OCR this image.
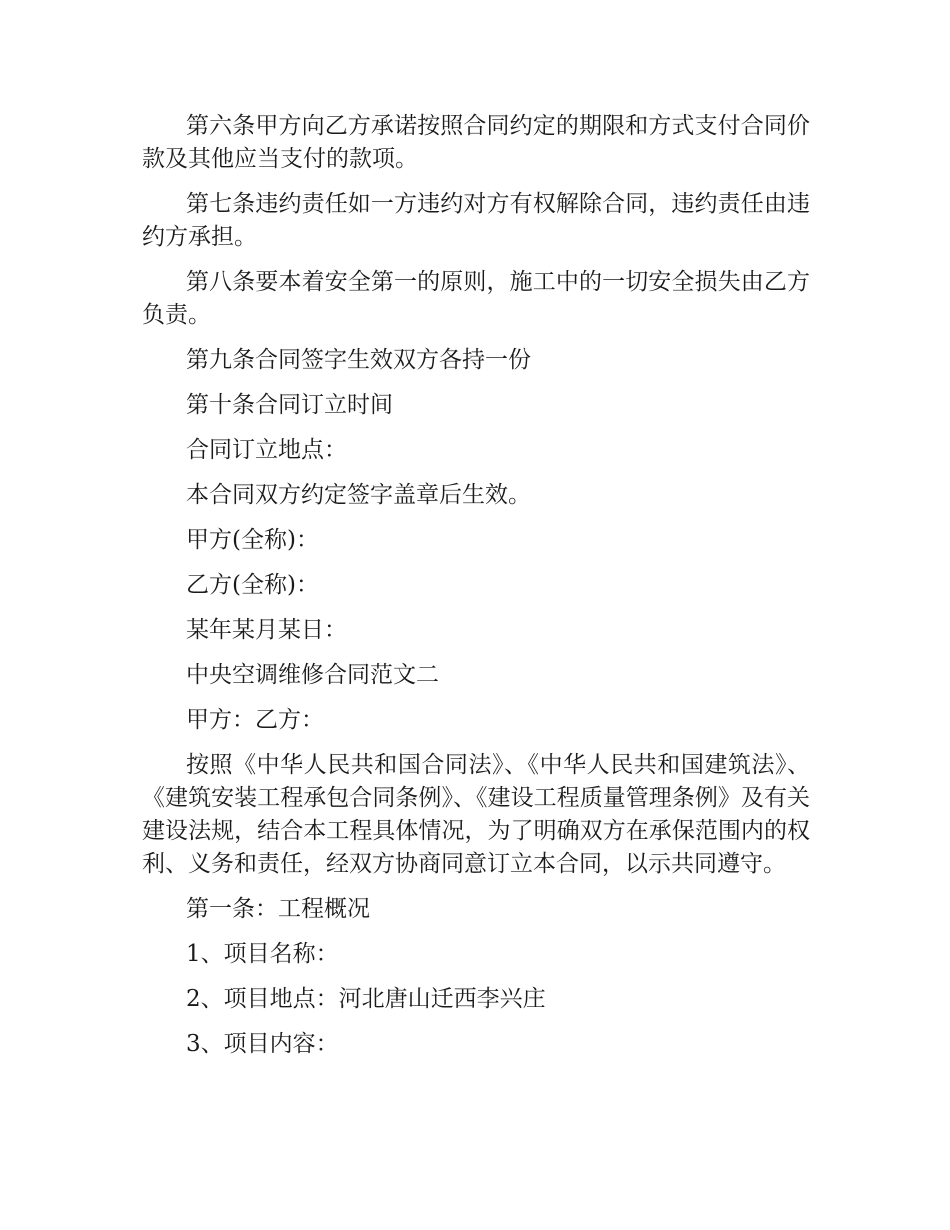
第六条甲方向乙方承诺按照合同约定的期限和方式支付合同价款及其他应当支付的款项。

第七条违约责任如一方违约对方有权解除合同，违约责任由违约方承担。

第八条要本着安全第一的原则，施工中的一切安全损失由乙方负责。

第九条合同签字生效双方各持一份

第十条合同订立时间

合同订立地点：

本合同双方约定签字盖章后生效。

甲方(全称)：

乙方(全称)：

某年某月某日：

中央空调维修合同范文二

甲方：乙方：

按照《中华人民共和国合同法》、《中华人民共和国建筑法》、《建筑安装工程承包合同条例》、《建设工程质量管理条例》及有关建设法规，结合本工程具体情况，为了明确双方在承保范围内的权利、义务和责任，经双方协商同意订立本合同，以示共同遵守。

第一条：工程概况

1、项目名称：

2、项目地点：河北唐山迁西李兴庄

3、项目内容：
